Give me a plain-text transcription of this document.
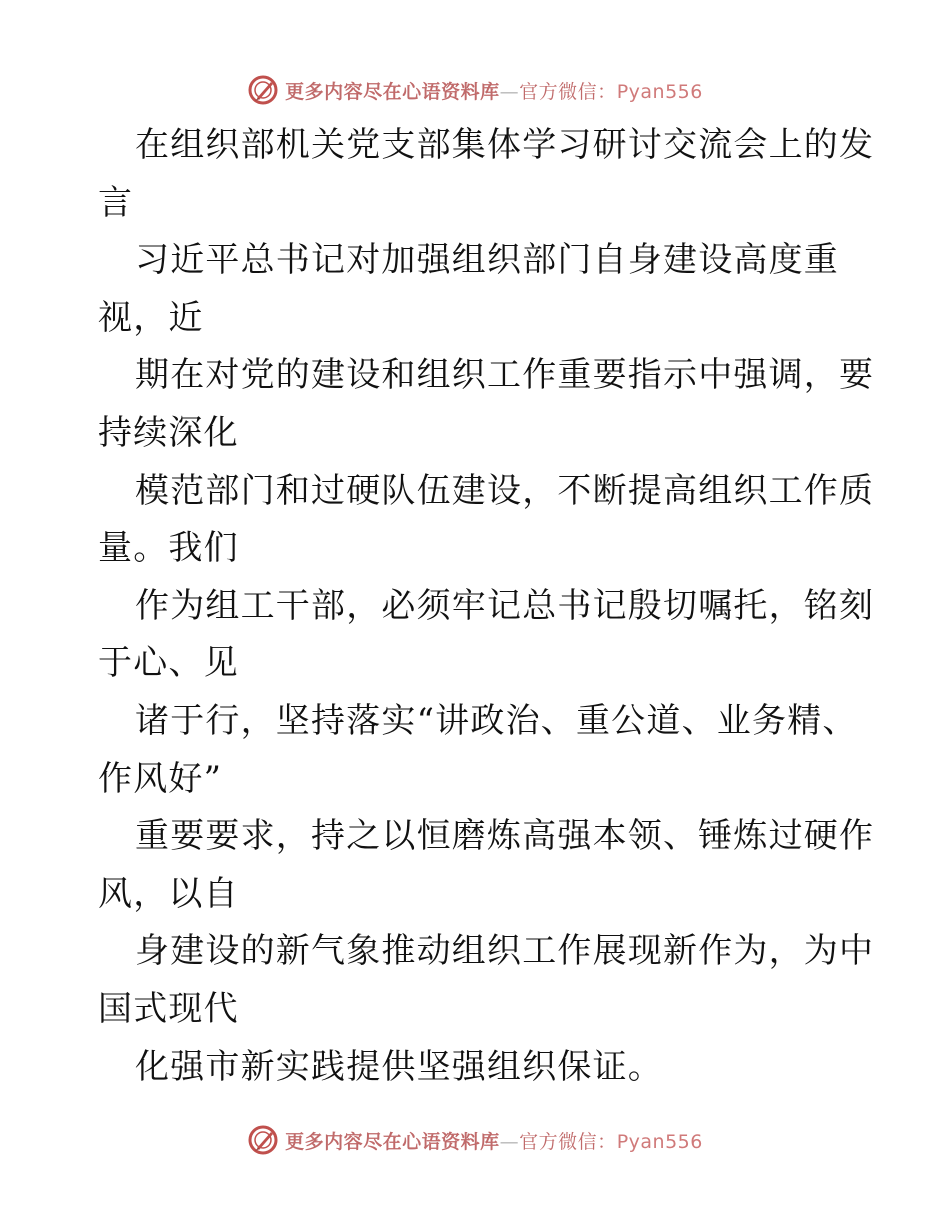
更多内容尽在心语资料库—官方微信：Pyan556
在组织部机关党支部集体学习研讨交流会上的发
言
习近平总书记对加强组织部门自身建设高度重
视，近
期在对党的建设和组织工作重要指示中强调，要
持续深化
模范部门和过硬队伍建设，不断提高组织工作质
量。我们
作为组工干部，必须牢记总书记殷切嘱托，铭刻
于心、见
诸于行，坚持落实“讲政治、重公道、业务精、
作风好”
重要要求，持之以恒磨炼高强本领、锤炼过硬作
风，以自
身建设的新气象推动组织工作展现新作为，为中
国式现代
化强市新实践提供坚强组织保证。
更多内容尽在心语资料库—官方微信：Pyan556
